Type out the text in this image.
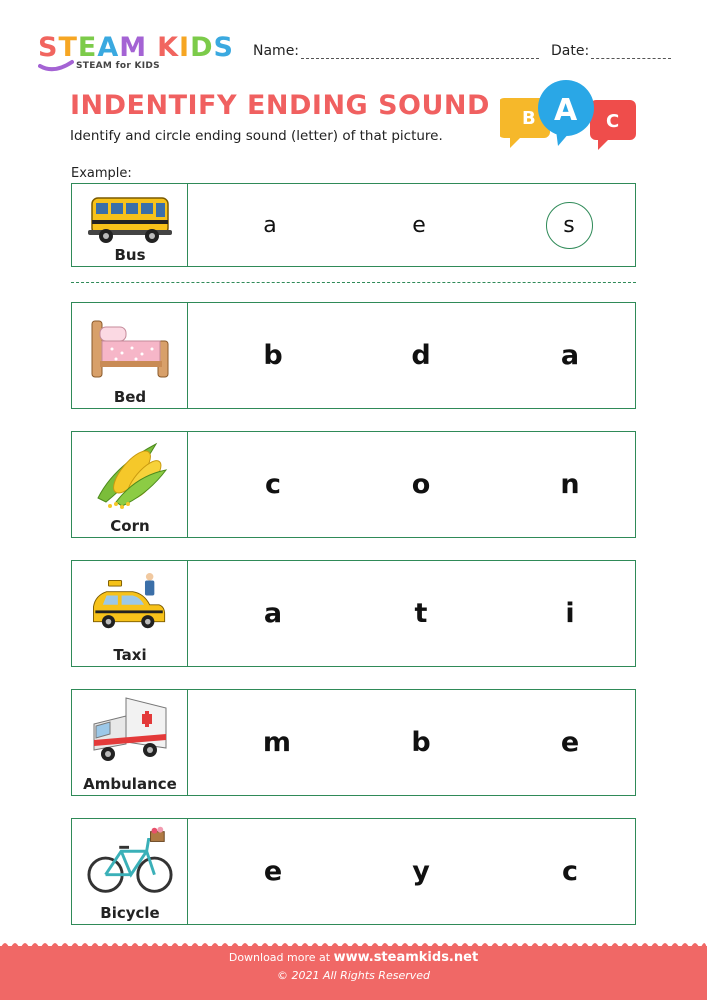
STEAM KIDS
STEAM for KIDS
Name:	Date:
INDENTIFY ENDING SOUND
Identify and circle ending sound (letter) of that picture.
B	C
A
Example:
Bus
a	e	s
Bed
b	d	a
Corn
c	o	n
Taxi
a	t	i
Ambulance
m	b	e
Bicycle
e	y	c
Download more at www.steamkids.net
© 2021 All Rights Reserved
